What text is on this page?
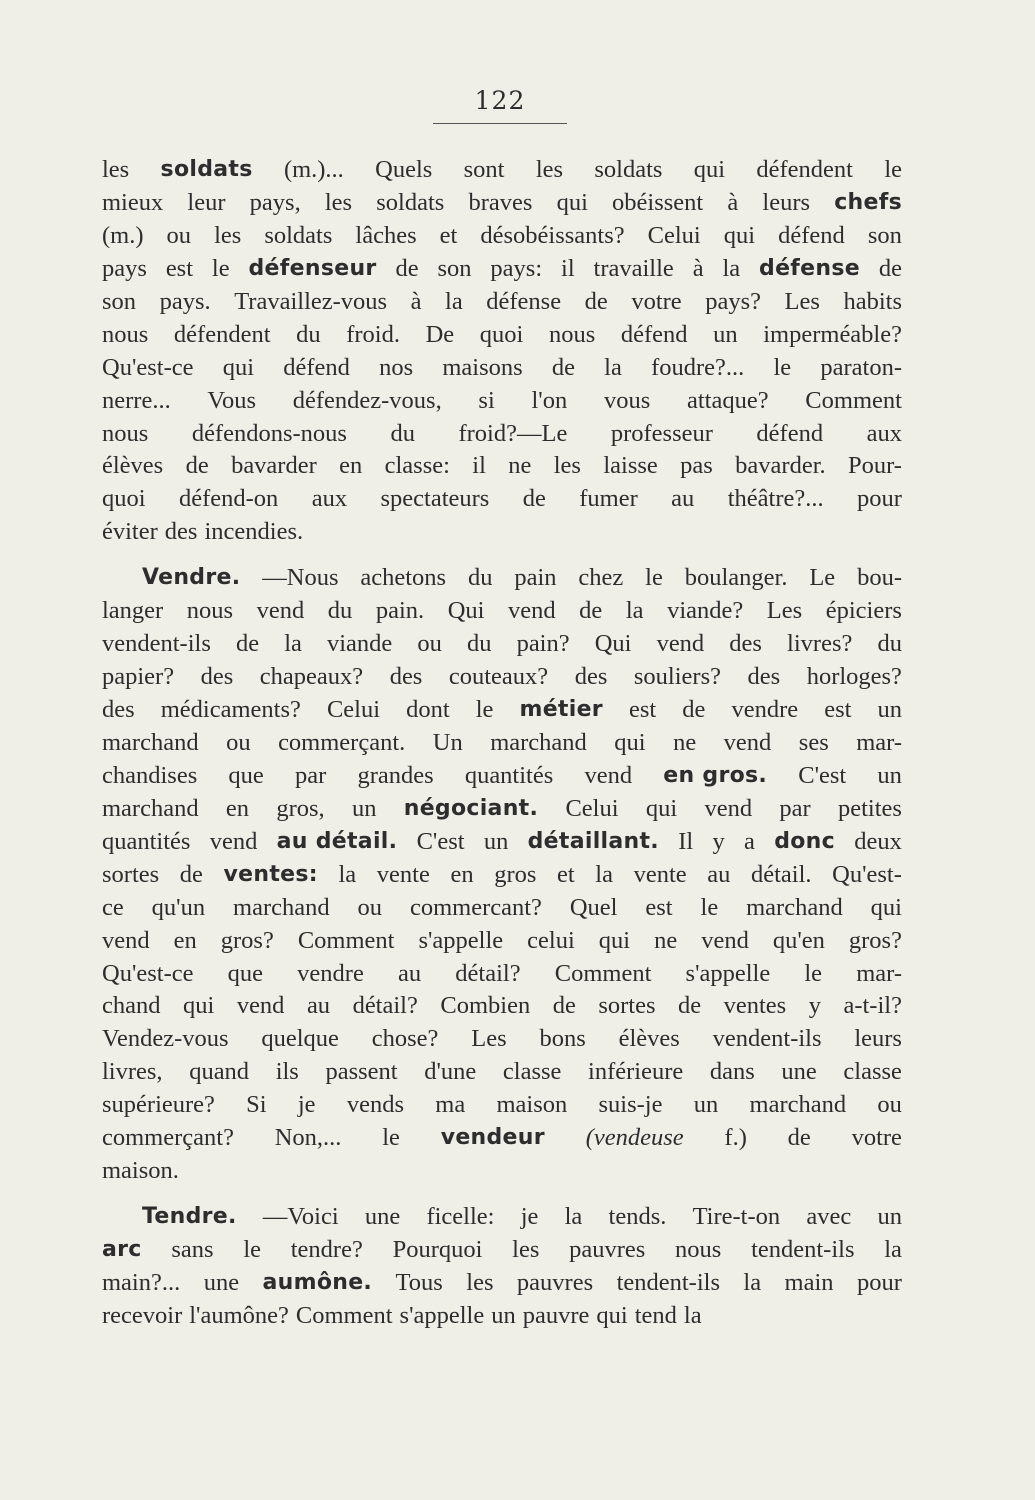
122
les soldats (m.)... Quels sont les soldats qui défendent le
mieux leur pays, les soldats braves qui obéissent à leurs chefs
(m.) ou les soldats lâches et désobéissants? Celui qui défend son
pays est le défenseur de son pays: il travaille à la défense de
son pays. Travaillez-vous à la défense de votre pays? Les habits
nous défendent du froid. De quoi nous défend un imperméable?
Qu'est-ce qui défend nos maisons de la foudre?... le paraton-
nerre... Vous défendez-vous, si l'on vous attaque? Comment
nous défendons-nous du froid?—Le professeur défend aux
élèves de bavarder en classe: il ne les laisse pas bavarder. Pour-
quoi défend-on aux spectateurs de fumer au théâtre?... pour
éviter des incendies.
Vendre. —Nous achetons du pain chez le boulanger. Le bou-
langer nous vend du pain. Qui vend de la viande? Les épiciers
vendent-ils de la viande ou du pain? Qui vend des livres? du
papier? des chapeaux? des couteaux? des souliers? des horloges?
des médicaments? Celui dont le métier est de vendre est un
marchand ou commerçant. Un marchand qui ne vend ses mar-
chandises que par grandes quantités vend en gros. C'est un
marchand en gros, un négociant. Celui qui vend par petites
quantités vend au détail. C'est un détaillant. Il y a donc deux
sortes de ventes: la vente en gros et la vente au détail. Qu'est-
ce qu'un marchand ou commercant? Quel est le marchand qui
vend en gros? Comment s'appelle celui qui ne vend qu'en gros?
Qu'est-ce que vendre au détail? Comment s'appelle le mar-
chand qui vend au détail? Combien de sortes de ventes y a-t-il?
Vendez-vous quelque chose? Les bons élèves vendent-ils leurs
livres, quand ils passent d'une classe inférieure dans une classe
supérieure? Si je vends ma maison suis-je un marchand ou
commerçant? Non,... le vendeur (vendeuse f.) de votre
maison.
Tendre. —Voici une ficelle: je la tends. Tire-t-on avec un
arc sans le tendre? Pourquoi les pauvres nous tendent-ils la
main?... une aumône. Tous les pauvres tendent-ils la main pour
recevoir l'aumône? Comment s'appelle un pauvre qui tend la
